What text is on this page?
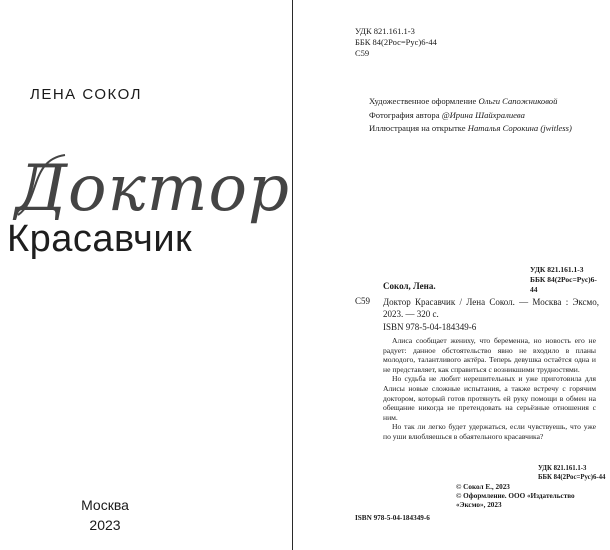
ЛЕНА СОКОЛ
Доктор
Красавчик
Москва
2023
УДК 821.161.1-3
ББК 84(2Рос=Рус)6-44
С59
Художественное оформление Ольги Сапожниковой
Фотография автора @Ирина Шайхралиева
Иллюстрация на открытке Наталья Сорокина (jwitless)
УДК 821.161.1-3
ББК 84(2Рос=Рус)6-44
Сокол, Лена.
С59 Доктор Красавчик / Лена Сокол. — Москва : Эксмо, 2023. — 320 с.
ISBN 978-5-04-184349-6

Алиса сообщает жениху, что беременна, но новость его не радует: данное обстоятельство явно не входило в планы молодого, талантливого актёра. Теперь девушка остаётся одна и не представляет, как справиться с возникшими трудностями.

Но судьба не любит нерешительных и уже приготовила для Алисы новые сложные испытания, а также встречу с горячим доктором, который готов протянуть ей руку помощи в обмен на обещание никогда не претендовать на серьёзные отношения с ним.

Но так ли легко будет удержаться, если чувствуешь, что уже по уши влюбляешься в обаятельного красавчика?

УДК 821.161.1-3
ББК 84(2Рос=Рус)6-44
© Сокол Е., 2023
© Оформление. ООО «Издательство
«Эксмо», 2023
ISBN 978-5-04-184349-6
